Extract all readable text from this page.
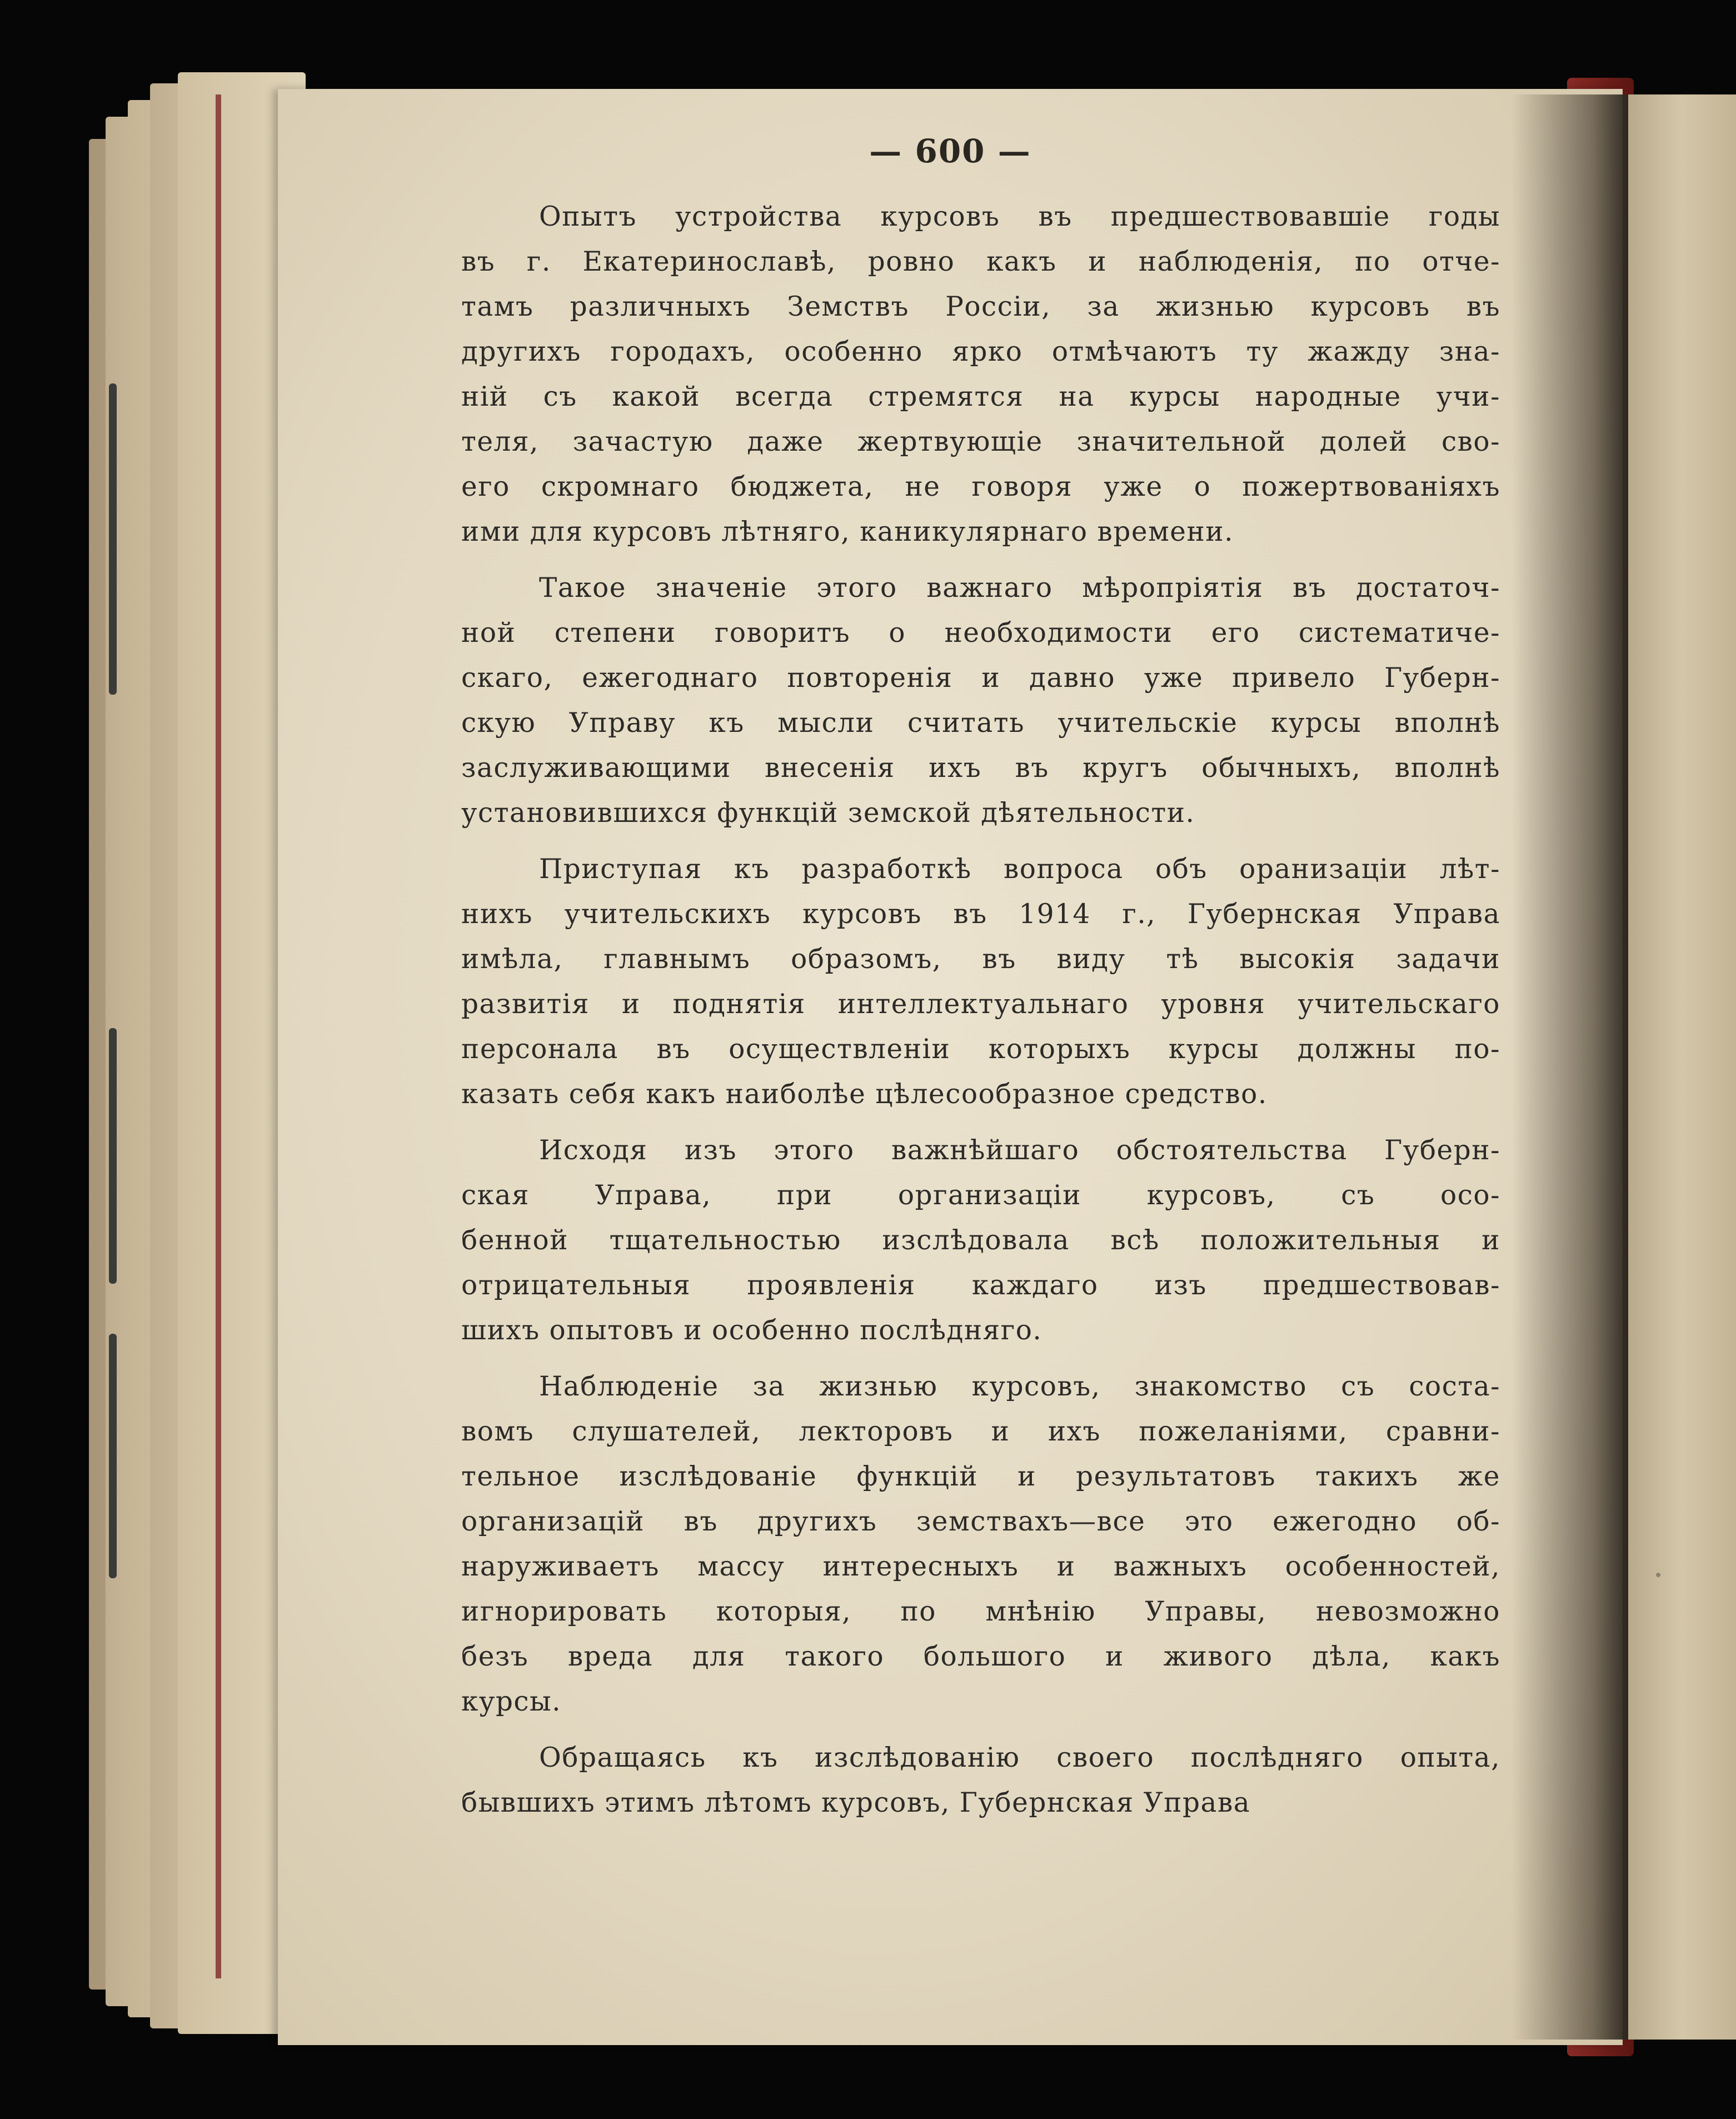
— 600 —

Опытъ устройства курсовъ въ предшествовавшіе годы
въ г. Екатеринославѣ, ровно какъ и наблюденія, по отче-
тамъ различныхъ Земствъ Россіи, за жизнью курсовъ въ
другихъ городахъ, особенно ярко отмѣчаютъ ту жажду зна-
ній съ какой всегда стремятся на курсы народные учи-
теля, зачастую даже жертвующіе значительной долей сво-
его скромнаго бюджета, не говоря уже о пожертвованіяхъ
ими для курсовъ лѣтняго, каникулярнаго времени.
Такое значеніе этого важнаго мѣропріятія въ достаточ-
ной степени говоритъ о необходимости его систематиче-
скаго, ежегоднаго повторенія и давно уже привело Губерн-
скую Управу къ мысли считать учительскіе курсы вполнѣ
заслуживающими внесенія ихъ въ кругъ обычныхъ, вполнѣ
установившихся функцій земской дѣятельности.
Приступая къ разработкѣ вопроса объ оранизаціи лѣт-
нихъ учительскихъ курсовъ въ 1914 г., Губернская Управа
имѣла, главнымъ образомъ, въ виду тѣ высокія задачи
развитія и поднятія интеллектуальнаго уровня учительскаго
персонала въ осуществленіи которыхъ курсы должны по-
казать себя какъ наиболѣе цѣлесообразное средство.
Исходя изъ этого важнѣйшаго обстоятельства Губерн-
ская Управа, при организаціи курсовъ, съ осо-
бенной тщательностью изслѣдовала всѣ положительныя и
отрицательныя проявленія каждаго изъ предшествовав-
шихъ опытовъ и особенно послѣдняго.
Наблюденіе за жизнью курсовъ, знакомство съ соста-
вомъ слушателей, лекторовъ и ихъ пожеланіями, сравни-
тельное изслѣдованіе функцій и результатовъ такихъ же
организацій въ другихъ земствахъ—все это ежегодно об-
наруживаетъ массу интересныхъ и важныхъ особенностей,
игнорировать которыя, по мнѣнію Управы, невозможно
безъ вреда для такого большого и живого дѣла, какъ
курсы.
Обращаясь къ изслѣдованію своего послѣдняго опыта,
бывшихъ этимъ лѣтомъ курсовъ, Губернская Управа
